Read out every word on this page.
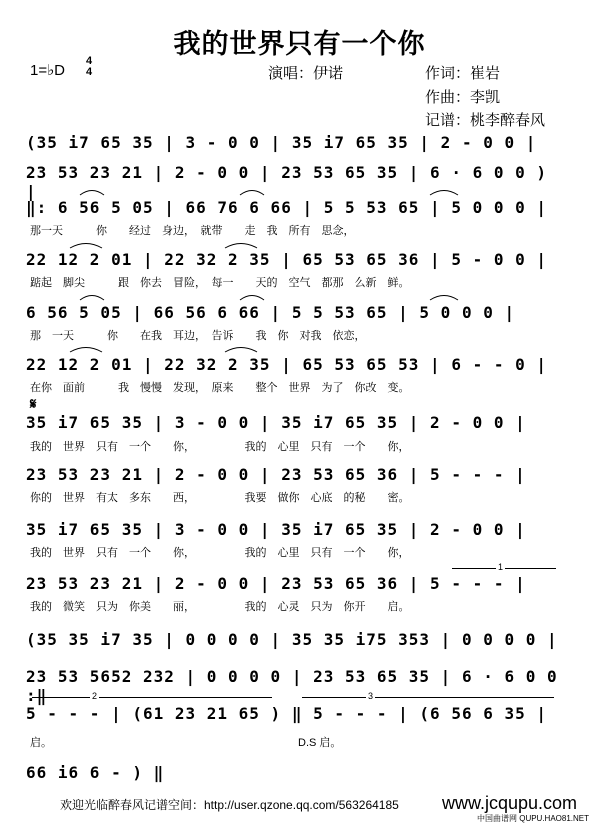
我的世界只有一个你
1=♭D
4
4	演唱：伊诺	作词：崔岩
作曲：李凯
记谱：桃李醉春风
(35 i7 65 35 | 3 - 0 0 | 35 i7 65 35 | 2 - 0 0 |
23 53 23 21 | 2 - 0 0 | 23 53 65 35 | 6 · 6 0 0 ) |
‖: 6 56 5 05 | 66 76 6 66 | 5 5 53 65 | 5 0 0 0 |
那一天　　　你　　经过　身边，　就带　　走　我　所有　思念，
22 12 2 01 | 22 32 2 35 | 65 53 65 36 | 5 - 0 0 |
踮起　脚尖　　　跟　你去　冒险，　每一　　天的　空气　都那　么新　鲜。
6 56 5 05 | 66 56 6 66 | 5 5 53 65 | 5 0 0 0 |
那　一天　　　你　　在我　耳边，　告诉　　我　你　对我　依恋，
22 12 2 01 | 22 32 2 35 | 65 53 65 53 | 6 - - 0 |
在你　面前　　　我　慢慢　发现，　原来　　整个　世界　为了　你改　变。
𝄋
35 i7 65 35 | 3 - 0 0 | 35 i7 65 35 | 2 - 0 0 |
我的　世界　只有　一个　　你，　　　　　我的　心里　只有　一个　　你，
23 53 23 21 | 2 - 0 0 | 23 53 65 36 | 5 - - - |
你的　世界　有太　多东　　西，　　　　　我要　做你　心底　的秘　　密。
35 i7 65 35 | 3 - 0 0 | 35 i7 65 35 | 2 - 0 0 |
我的　世界　只有　一个　　你，　　　　　我的　心里　只有　一个　　你，
1
23 53 23 21 | 2 - 0 0 | 23 53 65 36 | 5 - - - |
我的　微笑　只为　你美　　丽，　　　　　我的　心灵　只为　你开　　启。
(35 35 i7 35 | 0 0 0 0 | 35 35 i75 353 | 0 0 0 0 |
23 53 5652 232 | 0 0 0 0 | 23 53 65 35 | 6 · 6 0 0 :‖	2	3
5 - - - | (61 23 21 65 ) ‖ 5 - - - | (6 56 6 35 |
启。	D.S 启。
66 i6 6 - ) ‖
欢迎光临醉春风记谱空间：http://user.qzone.qq.com/563264185 www.jcqupu.com
中国曲谱网 QUPU.HAO81.NET
